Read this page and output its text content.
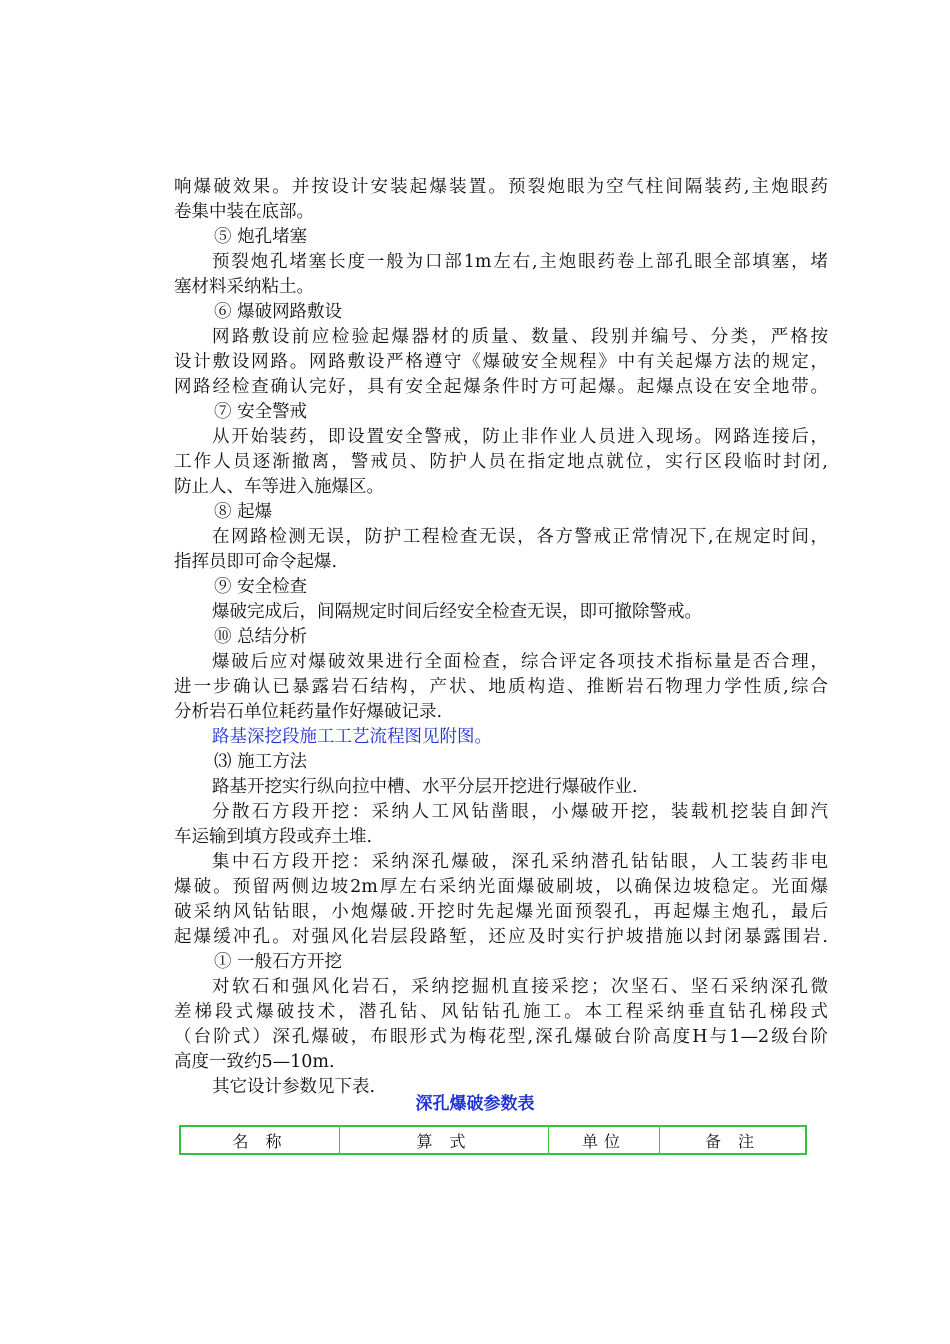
响爆破效果。并按设计安装起爆装置。预裂炮眼为空气柱间隔装药,主炮眼药
卷集中装在底部。
⑤ 炮孔堵塞
预裂炮孔堵塞长度一般为口部1m左右,主炮眼药卷上部孔眼全部填塞，堵
塞材料采纳粘土。
⑥ 爆破网路敷设
网路敷设前应检验起爆器材的质量、数量、段别并编号、分类，严格按
设计敷设网路。网路敷设严格遵守《爆破安全规程》中有关起爆方法的规定，
网路经检查确认完好，具有安全起爆条件时方可起爆。起爆点设在安全地带。
⑦ 安全警戒
从开始装药，即设置安全警戒，防止非作业人员进入现场。网路连接后，
工作人员逐渐撤离，警戒员、防护人员在指定地点就位，实行区段临时封闭,
防止人、车等进入施爆区。
⑧ 起爆
在网路检测无误，防护工程检查无误，各方警戒正常情况下,在规定时间，
指挥员即可命令起爆.
⑨ 安全检查
爆破完成后，间隔规定时间后经安全检查无误，即可撤除警戒。
⑩ 总结分析
爆破后应对爆破效果进行全面检查，综合评定各项技术指标量是否合理，
进一步确认已暴露岩石结构，产状、地质构造、推断岩石物理力学性质,综合
分析岩石单位耗药量作好爆破记录.
路基深挖段施工工艺流程图见附图。
⑶ 施工方法
路基开挖实行纵向拉中槽、水平分层开挖进行爆破作业.
分散石方段开挖：采纳人工风钻凿眼，小爆破开挖，装载机挖装自卸汽
车运输到填方段或弃土堆.
集中石方段开挖：采纳深孔爆破，深孔采纳潜孔钻钻眼，人工装药非电
爆破。预留两侧边坡2m厚左右采纳光面爆破刷坡，以确保边坡稳定。光面爆
破采纳风钻钻眼，小炮爆破.开挖时先起爆光面预裂孔，再起爆主炮孔，最后
起爆缓冲孔。对强风化岩层段路堑，还应及时实行护坡措施以封闭暴露围岩.
① 一般石方开挖
对软石和强风化岩石，采纳挖掘机直接采挖；次坚石、坚石采纳深孔微
差梯段式爆破技术，潜孔钻、风钻钻孔施工。本工程采纳垂直钻孔梯段式
（台阶式）深孔爆破，布眼形式为梅花型,深孔爆破台阶高度H与1—2级台阶
高度一致约5—10m.
其它设计参数见下表.
深孔爆破参数表
名 称	算 式	单位	备 注
